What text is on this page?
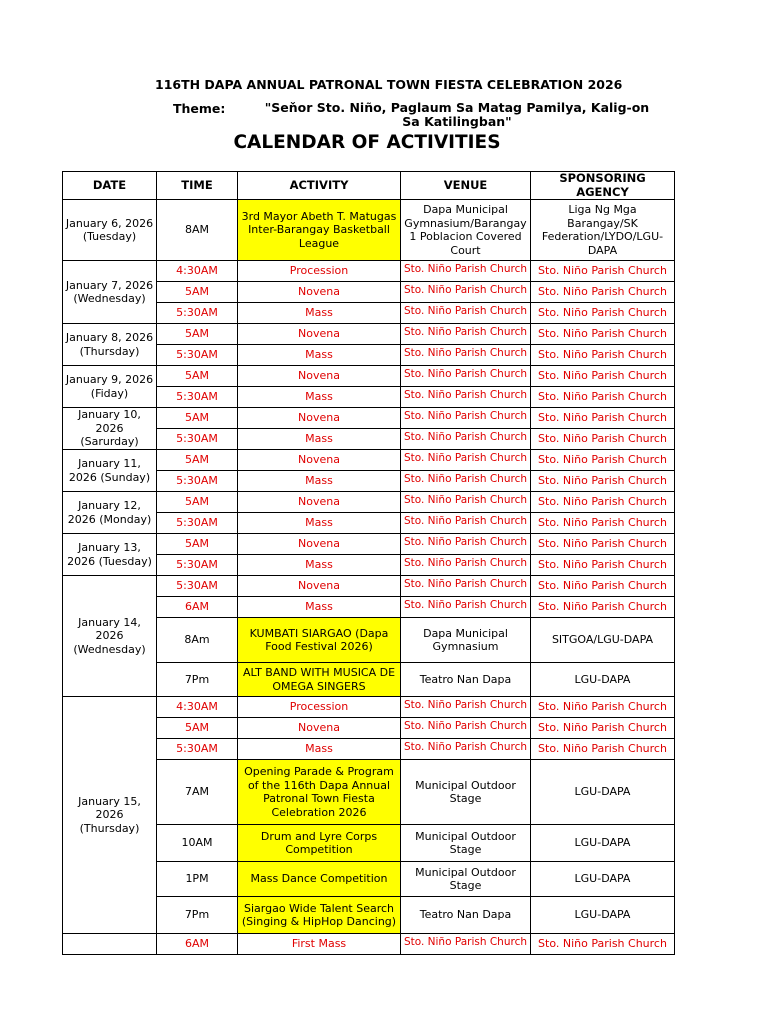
116TH DAPA ANNUAL PATRONAL TOWN FIESTA CELEBRATION 2026
Theme:	"Seňor Sto. Niño, Paglaum Sa Matag Pamilya, Kalig-on Sa Katilingban"
CALENDAR OF ACTIVITIES
DATE	TIME	ACTIVITY	VENUE	SPONSORING AGENCY
January 6, 2026 (Tuesday)	8AM	3rd Mayor Abeth T. Matugas Inter-Barangay Basketball League	Dapa Municipal Gymnasium/Barangay 1 Poblacion Covered Court	Liga Ng Mga Barangay/SK Federation/LYDO/LGU-DAPA
January 7, 2026 (Wednesday)	4:30AM	Procession	Sto. Niño Parish Church	Sto. Niño Parish Church
	5AM	Novena	Sto. Niño Parish Church	Sto. Niño Parish Church
	5:30AM	Mass	Sto. Niño Parish Church	Sto. Niño Parish Church
January 8, 2026 (Thursday)	5AM	Novena	Sto. Niño Parish Church	Sto. Niño Parish Church
	5:30AM	Mass	Sto. Niño Parish Church	Sto. Niño Parish Church
January 9, 2026 (Fiday)	5AM	Novena	Sto. Niño Parish Church	Sto. Niño Parish Church
	5:30AM	Mass	Sto. Niño Parish Church	Sto. Niño Parish Church
January 10, 2026 (Sarurday)	5AM	Novena	Sto. Niño Parish Church	Sto. Niño Parish Church
	5:30AM	Mass	Sto. Niño Parish Church	Sto. Niño Parish Church
January 11, 2026 (Sunday)	5AM	Novena	Sto. Niño Parish Church	Sto. Niño Parish Church
	5:30AM	Mass	Sto. Niño Parish Church	Sto. Niño Parish Church
January 12, 2026 (Monday)	5AM	Novena	Sto. Niño Parish Church	Sto. Niño Parish Church
	5:30AM	Mass	Sto. Niño Parish Church	Sto. Niño Parish Church
January 13, 2026 (Tuesday)	5AM	Novena	Sto. Niño Parish Church	Sto. Niño Parish Church
	5:30AM	Mass	Sto. Niño Parish Church	Sto. Niño Parish Church
January 14, 2026 (Wednesday)	5:30AM	Novena	Sto. Niño Parish Church	Sto. Niño Parish Church
	6AM	Mass	Sto. Niño Parish Church	Sto. Niño Parish Church
	8Am	KUMBATI SIARGAO (Dapa Food Festival 2026)	Dapa Municipal Gymnasium	SITGOA/LGU-DAPA
	7Pm	ALT BAND WITH MUSICA DE OMEGA SINGERS	Teatro Nan Dapa	LGU-DAPA
January 15, 2026 (Thursday)	4:30AM	Procession	Sto. Niño Parish Church	Sto. Niño Parish Church
	5AM	Novena	Sto. Niño Parish Church	Sto. Niño Parish Church
	5:30AM	Mass	Sto. Niño Parish Church	Sto. Niño Parish Church
	7AM	Opening Parade & Program of the 116th Dapa Annual Patronal Town Fiesta Celebration 2026	Municipal Outdoor Stage	LGU-DAPA
	10AM	Drum and Lyre Corps Competition	Municipal Outdoor Stage	LGU-DAPA
	1PM	Mass Dance Competition	Municipal Outdoor Stage	LGU-DAPA
	7Pm	Siargao Wide Talent Search (Singing & HipHop Dancing)	Teatro Nan Dapa	LGU-DAPA
	6AM	First Mass	Sto. Niño Parish Church	Sto. Niño Parish Church
